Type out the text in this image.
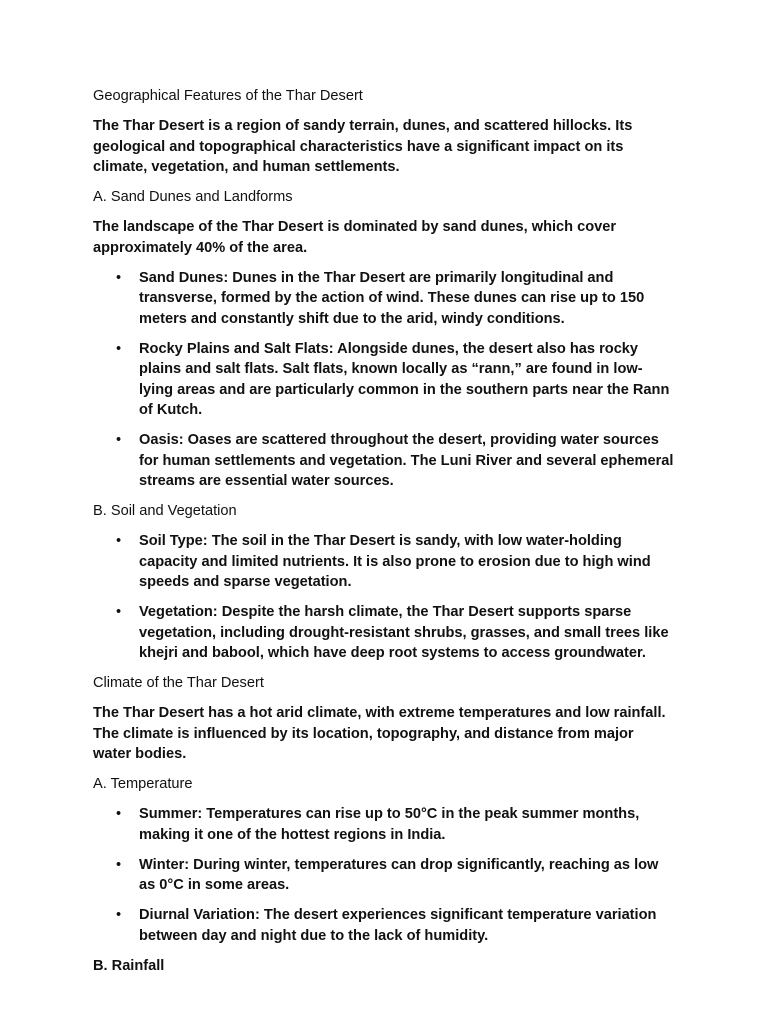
Geographical Features of the Thar Desert

The Thar Desert is a region of sandy terrain, dunes, and scattered hillocks. Its geological and topographical characteristics have a significant impact on its climate, vegetation, and human settlements.

A. Sand Dunes and Landforms

The landscape of the Thar Desert is dominated by sand dunes, which cover approximately 40% of the area.

• Sand Dunes: Dunes in the Thar Desert are primarily longitudinal and transverse, formed by the action of wind. These dunes can rise up to 150 meters and constantly shift due to the arid, windy conditions.
• Rocky Plains and Salt Flats: Alongside dunes, the desert also has rocky plains and salt flats. Salt flats, known locally as “rann,” are found in low-lying areas and are particularly common in the southern parts near the Rann of Kutch.
• Oasis: Oases are scattered throughout the desert, providing water sources for human settlements and vegetation. The Luni River and several ephemeral streams are essential water sources.

B. Soil and Vegetation

• Soil Type: The soil in the Thar Desert is sandy, with low water-holding capacity and limited nutrients. It is also prone to erosion due to high wind speeds and sparse vegetation.
• Vegetation: Despite the harsh climate, the Thar Desert supports sparse vegetation, including drought-resistant shrubs, grasses, and small trees like khejri and babool, which have deep root systems to access groundwater.

Climate of the Thar Desert

The Thar Desert has a hot arid climate, with extreme temperatures and low rainfall. The climate is influenced by its location, topography, and distance from major water bodies.

A. Temperature

• Summer: Temperatures can rise up to 50°C in the peak summer months, making it one of the hottest regions in India.
• Winter: During winter, temperatures can drop significantly, reaching as low as 0°C in some areas.
• Diurnal Variation: The desert experiences significant temperature variation between day and night due to the lack of humidity.

B. Rainfall
